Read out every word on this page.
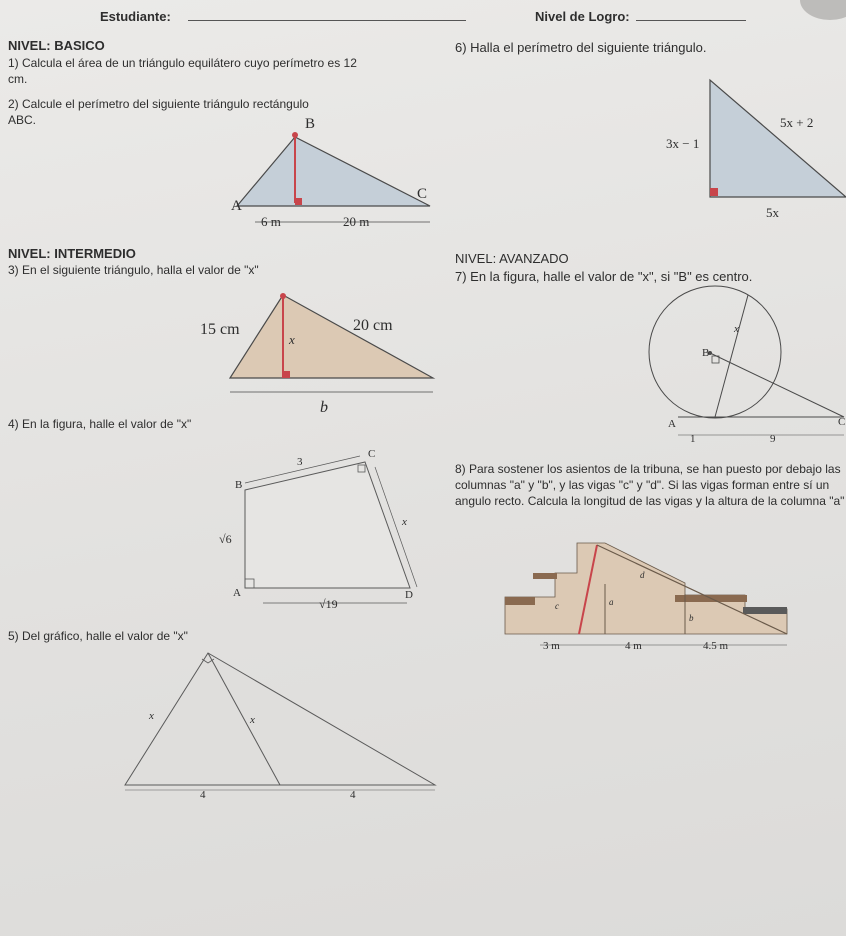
Estudiante:	Nivel de Logro:
NIVEL: BASICO
1) Calcula el área de un triángulo equilátero cuyo perímetro es 12
cm.
2) Calcule el perímetro del siguiente triángulo rectángulo
ABC.	B
A
C
6 m	20 m
NIVEL: INTERMEDIO
3) En el siguiente triángulo, halla el valor de "x"
15 cm	20 cm
x
b
4) En la figura, halle el valor de "x"
3
C
B
x
√6
A
√19
D
5) Del gráfico, halle el valor de "x"
x	x
4	4
6) Halla el perímetro del siguiente triángulo.
5x + 2
3x − 1
5x
NIVEL: AVANZADO
7) En la figura, halle el valor de "x", si "B" es centro.
x
B
A	C
1	9
8) Para sostener los asientos de la tribuna, se han puesto por debajo las columnas "a" y "b", y las vigas "c" y "d". Si las vigas forman entre sí un angulo recto. Calcula la longitud de las vigas y la altura de la columna "a"
c	a
d
b
3 m	4 m	4.5 m
